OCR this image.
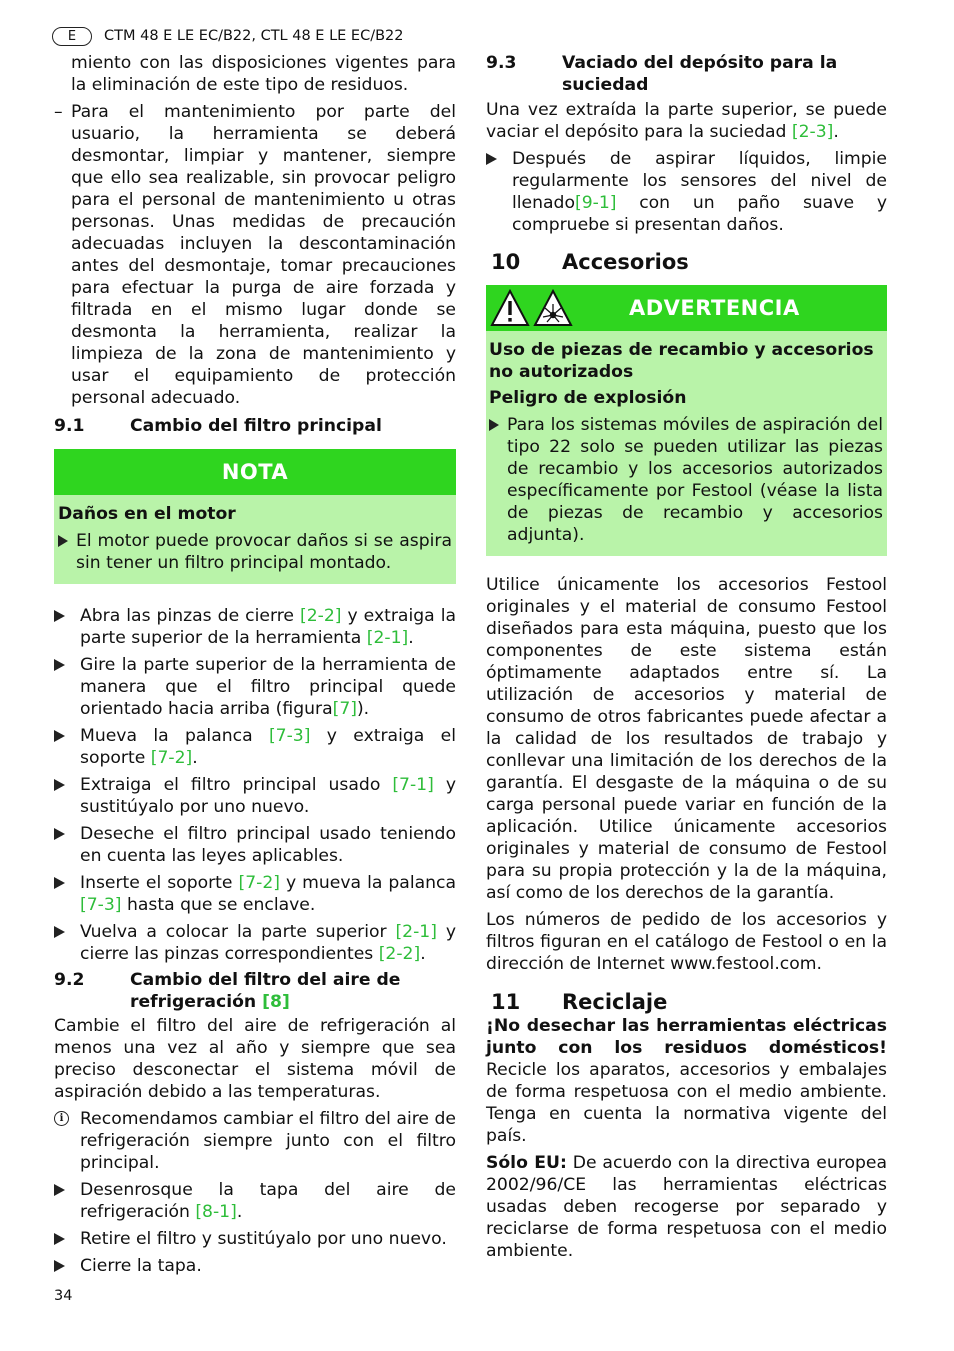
E	CTM 48 E LE EC/B22, CTL 48 E LE EC/B22
miento con las disposiciones vigentes para la eliminación de este tipo de residuos.
– Para el mantenimiento por parte del usuario, la herramienta se deberá desmontar, limpiar y mantener, siempre que ello sea realizable, sin provocar peligro para el personal de mantenimiento u otras personas. Unas medidas de precaución adecuadas incluyen la descontaminación antes del desmontaje, tomar precauciones para efectuar la purga de aire forzada y filtrada en el mismo lugar donde se desmonta la herramienta, realizar la limpieza de la zona de mantenimiento y usar el equipamiento de protección personal adecuado.
9.1	Cambio del filtro principal
NOTA

Daños en el motor

El motor puede provocar daños si se aspira sin tener un filtro principal montado.
Abra las pinzas de cierre [2-2] y extraiga la parte superior de la herramienta [2-1].
Gire la parte superior de la herramienta de manera que el filtro principal quede orientado hacia arriba (figura[7]).
Mueva la palanca [7-3] y extraiga el soporte [7-2].
Extraiga el filtro principal usado [7-1] y sustitúyalo por uno nuevo.
Deseche el filtro principal usado teniendo en cuenta las leyes aplicables.
Inserte el soporte [7-2] y mueva la palanca [7-3] hasta que se enclave.
Vuelva a colocar la parte superior [2-1] y cierre las pinzas correspondientes [2-2].
9.2	Cambio del filtro del aire de refrigeración [8]

Cambie el filtro del aire de refrigeración al menos una vez al año y siempre que sea preciso desconectar el sistema móvil de aspiración debido a las temperaturas.

i Recomendamos cambiar el filtro del aire de refrigeración siempre junto con el filtro principal.
Desenrosque la tapa del aire de refrigeración [8-1].
Retire el filtro y sustitúyalo por uno nuevo.
Cierre la tapa.
9.3	Vaciado del depósito para la suciedad

Una vez extraída la parte superior, se puede vaciar el depósito para la suciedad [2-3].

Después de aspirar líquidos, limpie regularmente los sensores del nivel de llenado[9-1] con un paño suave y compruebe si presentan daños.
10	Accesorios
ADVERTENCIA

Uso de piezas de recambio y accesorios no autorizados

Peligro de explosión

Para los sistemas móviles de aspiración del tipo 22 solo se pueden utilizar las piezas de recambio y los accesorios autorizados específicamente por Festool (véase la lista de piezas de recambio y accesorios adjunta).

Utilice únicamente los accesorios Festool originales y el material de consumo Festool diseñados para esta máquina, puesto que los componentes de este sistema están óptimamente adaptados entre sí. La utilización de accesorios y material de consumo de otros fabricantes puede afectar a la calidad de los resultados de trabajo y conllevar una limitación de los derechos de la garantía. El desgaste de la máquina o de su carga personal puede variar en función de la aplicación. Utilice únicamente accesorios originales y material de consumo de Festool para su propia protección y la de la máquina, así como de los derechos de la garantía.

Los números de pedido de los accesorios y filtros figuran en el catálogo de Festool o en la dirección de Internet www.festool.com.

11	Reciclaje

¡No desechar las herramientas eléctricas junto con los residuos domésticos! Recicle los aparatos, accesorios y embalajes de forma respetuosa con el medio ambiente. Tenga en cuenta la normativa vigente del país.

Sólo EU: De acuerdo con la directiva europea 2002/96/CE las herramientas eléctricas usadas deben recogerse por separado y reciclarse de forma respetuosa con el medio ambiente.

34
